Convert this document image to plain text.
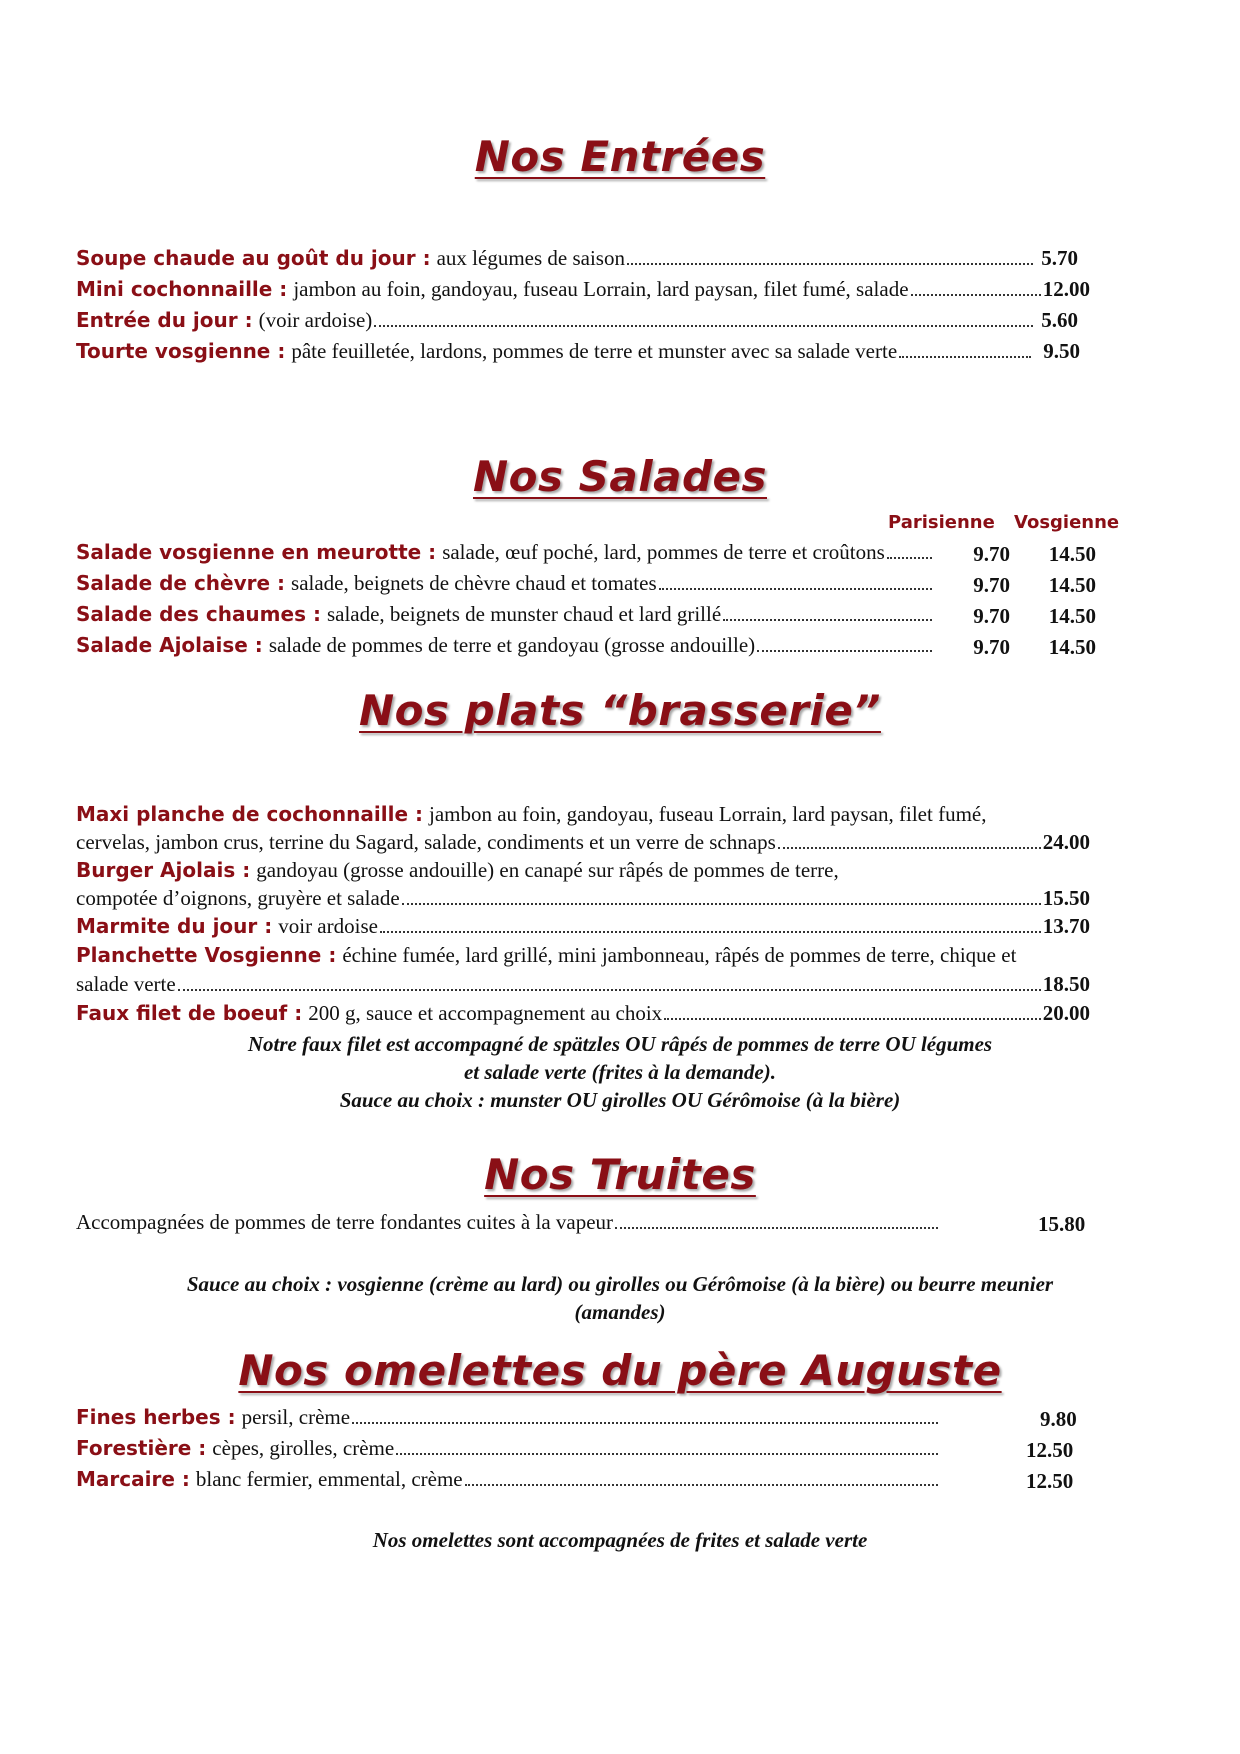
Nos Entrées
Soupe chaude au goût du jour : aux légumes de saison	5.70
Mini cochonnaille : jambon au foin, gandoyau, fuseau Lorrain, lard paysan, filet fumé, salade	12.00
Entrée du jour : (voir ardoise)	5.60
Tourte vosgienne : pâte feuilletée, lardons, pommes de terre et munster avec sa salade verte	9.50
Nos Salades
Parisienne Vosgienne
Salade vosgienne en meurotte : salade, œuf poché, lard, pommes de terre et croûtons	9.70	14.50
Salade de chèvre : salade, beignets de chèvre chaud et tomates	9.70	14.50
Salade des chaumes : salade, beignets de munster chaud et lard grillé	9.70	14.50
Salade Ajolaise : salade de pommes de terre et gandoyau (grosse andouille)	9.70	14.50
Nos plats “brasserie”
Maxi planche de cochonnaille : jambon au foin, gandoyau, fuseau Lorrain, lard paysan, filet fumé,
cervelas, jambon crus, terrine du Sagard, salade, condiments et un verre de schnaps	24.00
Burger Ajolais : gandoyau (grosse andouille) en canapé sur râpés de pommes de terre,
compotée d’oignons, gruyère et salade	15.50
Marmite du jour : voir ardoise	13.70
Planchette Vosgienne : échine fumée, lard grillé, mini jambonneau, râpés de pommes de terre, chique et
salade verte	18.50
Faux filet de boeuf : 200 g, sauce et accompagnement au choix	20.00
Notre faux filet est accompagné de spätzles OU râpés de pommes de terre OU légumes
et salade verte (frites à la demande).
Sauce au choix : munster OU girolles OU Gérômoise (à la bière)
Nos Truites
Accompagnées de pommes de terre fondantes cuites à la vapeur	15.80
Sauce au choix : vosgienne (crème au lard) ou girolles ou Gérômoise (à la bière) ou beurre meunier
(amandes)
Nos omelettes du père Auguste
Fines herbes : persil, crème	9.80
Forestière : cèpes, girolles, crème	12.50
Marcaire : blanc fermier, emmental, crème	12.50
Nos omelettes sont accompagnées de frites et salade verte
